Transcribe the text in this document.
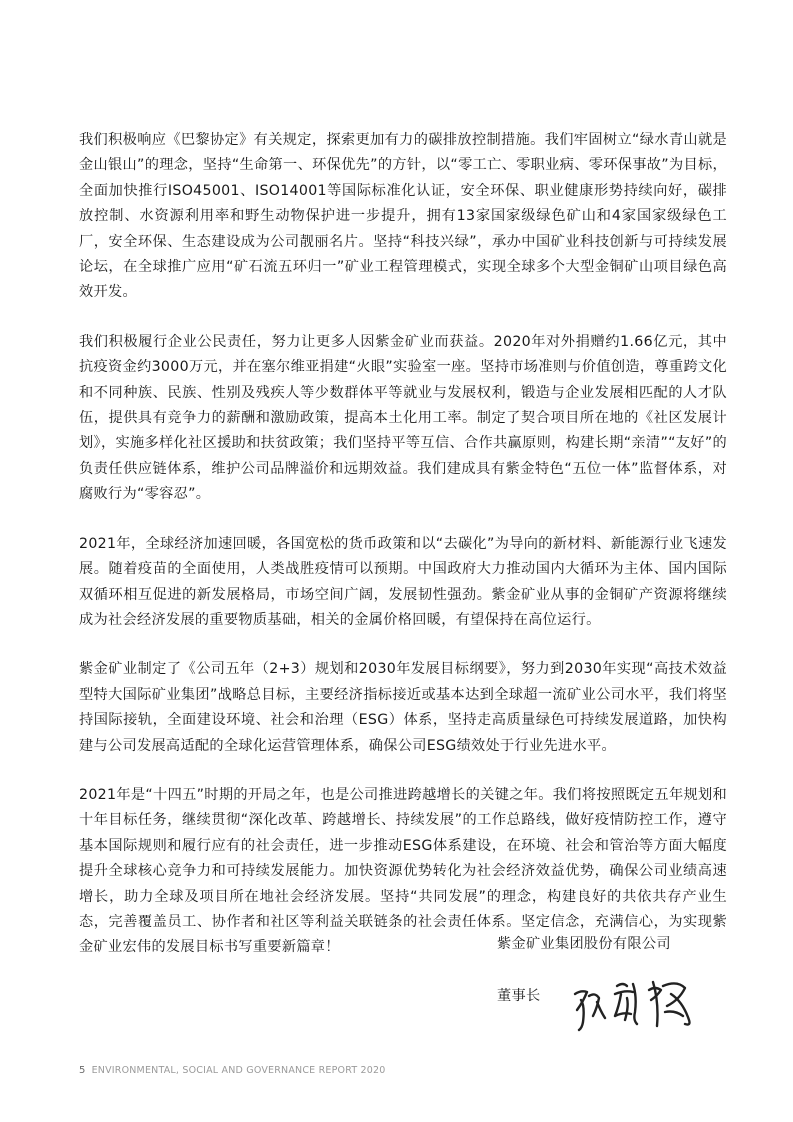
我们积极响应《巴黎协定》有关规定，探索更加有力的碳排放控制措施。我们牢固树立“绿水青山就是金山银山”的理念，坚持“生命第一、环保优先”的方针，以“零工亡、零职业病、零环保事故”为目标，全面加快推行ISO45001、ISO14001等国际标准化认证，安全环保、职业健康形势持续向好，碳排放控制、水资源利用率和野生动物保护进一步提升，拥有13家国家级绿色矿山和4家国家级绿色工厂，安全环保、生态建设成为公司靓丽名片。坚持“科技兴绿”，承办中国矿业科技创新与可持续发展论坛，在全球推广应用“矿石流五环归一”矿业工程管理模式，实现全球多个大型金铜矿山项目绿色高效开发。

我们积极履行企业公民责任，努力让更多人因紫金矿业而获益。2020年对外捐赠约1.66亿元，其中抗疫资金约3000万元，并在塞尔维亚捐建“火眼”实验室一座。坚持市场准则与价值创造，尊重跨文化和不同种族、民族、性别及残疾人等少数群体平等就业与发展权利，锻造与企业发展相匹配的人才队伍，提供具有竞争力的薪酬和激励政策，提高本土化用工率。制定了契合项目所在地的《社区发展计划》，实施多样化社区援助和扶贫政策；我们坚持平等互信、合作共赢原则，构建长期“亲清”“友好”的负责任供应链体系，维护公司品牌溢价和远期效益。我们建成具有紫金特色“五位一体”监督体系，对腐败行为“零容忍”。

2021年，全球经济加速回暖，各国宽松的货币政策和以“去碳化”为导向的新材料、新能源行业飞速发展。随着疫苗的全面使用，人类战胜疫情可以预期。中国政府大力推动国内大循环为主体、国内国际双循环相互促进的新发展格局，市场空间广阔，发展韧性强劲。紫金矿业从事的金铜矿产资源将继续成为社会经济发展的重要物质基础，相关的金属价格回暖，有望保持在高位运行。

紫金矿业制定了《公司五年（2+3）规划和2030年发展目标纲要》，努力到2030年实现“高技术效益型特大国际矿业集团”战略总目标，主要经济指标接近或基本达到全球超一流矿业公司水平，我们将坚持国际接轨，全面建设环境、社会和治理（ESG）体系，坚持走高质量绿色可持续发展道路，加快构建与公司发展高适配的全球化运营管理体系，确保公司ESG绩效处于行业先进水平。

2021年是“十四五”时期的开局之年，也是公司推进跨越增长的关键之年。我们将按照既定五年规划和十年目标任务，继续贯彻“深化改革、跨越增长、持续发展”的工作总路线，做好疫情防控工作，遵守基本国际规则和履行应有的社会责任，进一步推动ESG体系建设，在环境、社会和管治等方面大幅度提升全球核心竞争力和可持续发展能力。加快资源优势转化为社会经济效益优势，确保公司业绩高速增长，助力全球及项目所在地社会经济发展。坚持“共同发展”的理念，构建良好的共依共存产业生态，完善覆盖员工、协作者和社区等利益关联链条的社会责任体系。坚定信念，充满信心，为实现紫金矿业宏伟的发展目标书写重要新篇章！	紫金矿业集团股份有限公司
董事长
5 ENVIRONMENTAL, SOCIAL AND GOVERNANCE REPORT 2020
